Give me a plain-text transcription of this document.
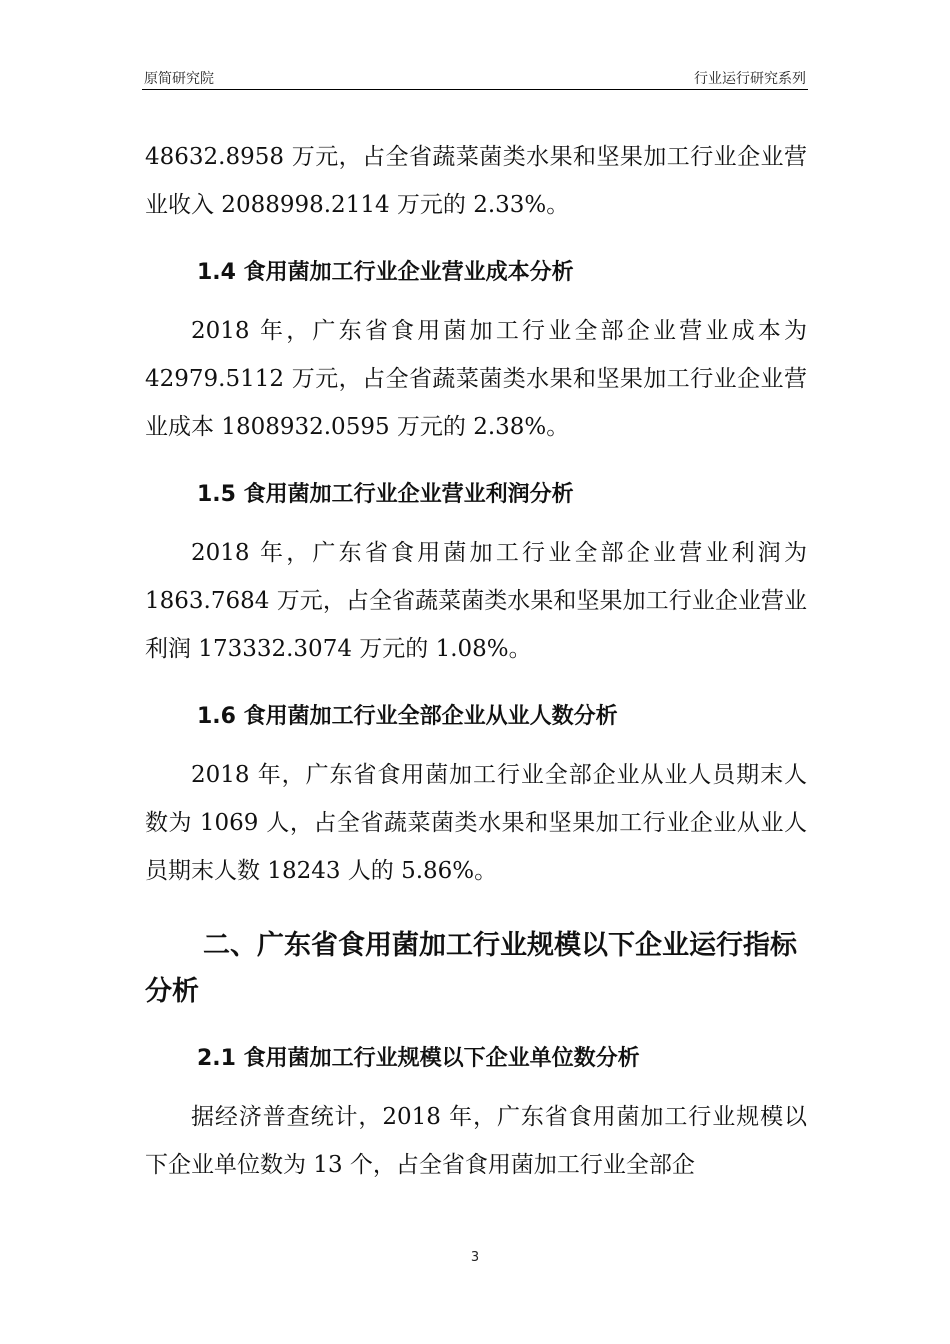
原简研究院	行业运行研究系列

48632.8958 万元，占全省蔬菜菌类水果和坚果加工行业企业营业收入 2088998.2114 万元的 2.33%。

1.4 食用菌加工行业企业营业成本分析

2018 年，广东省食用菌加工行业全部企业营业成本为 42979.5112 万元，占全省蔬菜菌类水果和坚果加工行业企业营业成本 1808932.0595 万元的 2.38%。

1.5 食用菌加工行业企业营业利润分析

2018 年，广东省食用菌加工行业全部企业营业利润为 1863.7684 万元，占全省蔬菜菌类水果和坚果加工行业企业营业利润 173332.3074 万元的 1.08%。

1.6 食用菌加工行业全部企业从业人数分析

2018 年，广东省食用菌加工行业全部企业从业人员期末人数为 1069 人，占全省蔬菜菌类水果和坚果加工行业企业从业人员期末人数 18243 人的 5.86%。

二、广东省食用菌加工行业规模以下企业运行指标分析
2.1 食用菌加工行业规模以下企业单位数分析

据经济普查统计，2018 年，广东省食用菌加工行业规模以下企业单位数为 13 个，占全省食用菌加工行业全部企

3
